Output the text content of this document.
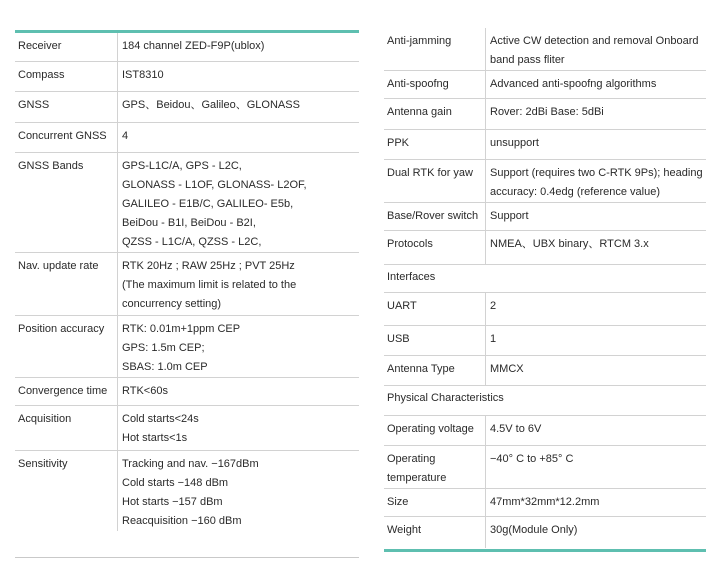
Receiver	184 channel ZED-F9P(ublox)

Compass	IST8310

GNSS	GPS、Beidou、Galileo、GLONASS

Concurrent GNSS	4

GNSS Bands	GPS-L1C/A, GPS - L2C,
GLONASS - L1OF, GLONASS- L2OF,
GALILEO - E1B/C, GALILEO- E5b,
BeiDou - B1I, BeiDou - B2I,
QZSS - L1C/A, QZSS - L2C,

Nav. update rate	RTK 20Hz ; RAW 25Hz ; PVT 25Hz
(The maximum limit is related to the
concurrency setting)

Position accuracy	RTK: 0.01m+1ppm CEP
GPS: 1.5m CEP;
SBAS: 1.0m CEP

Convergence time	RTK<60s

Acquisition	Cold starts<24s
Hot starts<1s

Sensitivity	Tracking and nav. −167dBm
Cold starts −148 dBm
Hot starts −157 dBm
Reacquisition −160 dBm
Anti-jamming	Active CW detection and removal Onboard
band pass fliter

Anti-spoofng	Advanced anti-spoofng algorithms

Antenna gain	Rover: 2dBi Base: 5dBi

PPK	unsupport

Dual RTK for yaw	Support (requires two C-RTK 9Ps); heading
accuracy: 0.4edg (reference value)

Base/Rover switch	Support

Protocols	NMEA、UBX binary、RTCM 3.x

Interfaces	
UART	2

USB	1

Antenna Type	MMCX

Physical Characteristics	
Operating voltage	4.5V to 6V

Operating temperature	−40° C to +85° C

Size	47mm*32mm*12.2mm

Weight	30g(Module Only)
